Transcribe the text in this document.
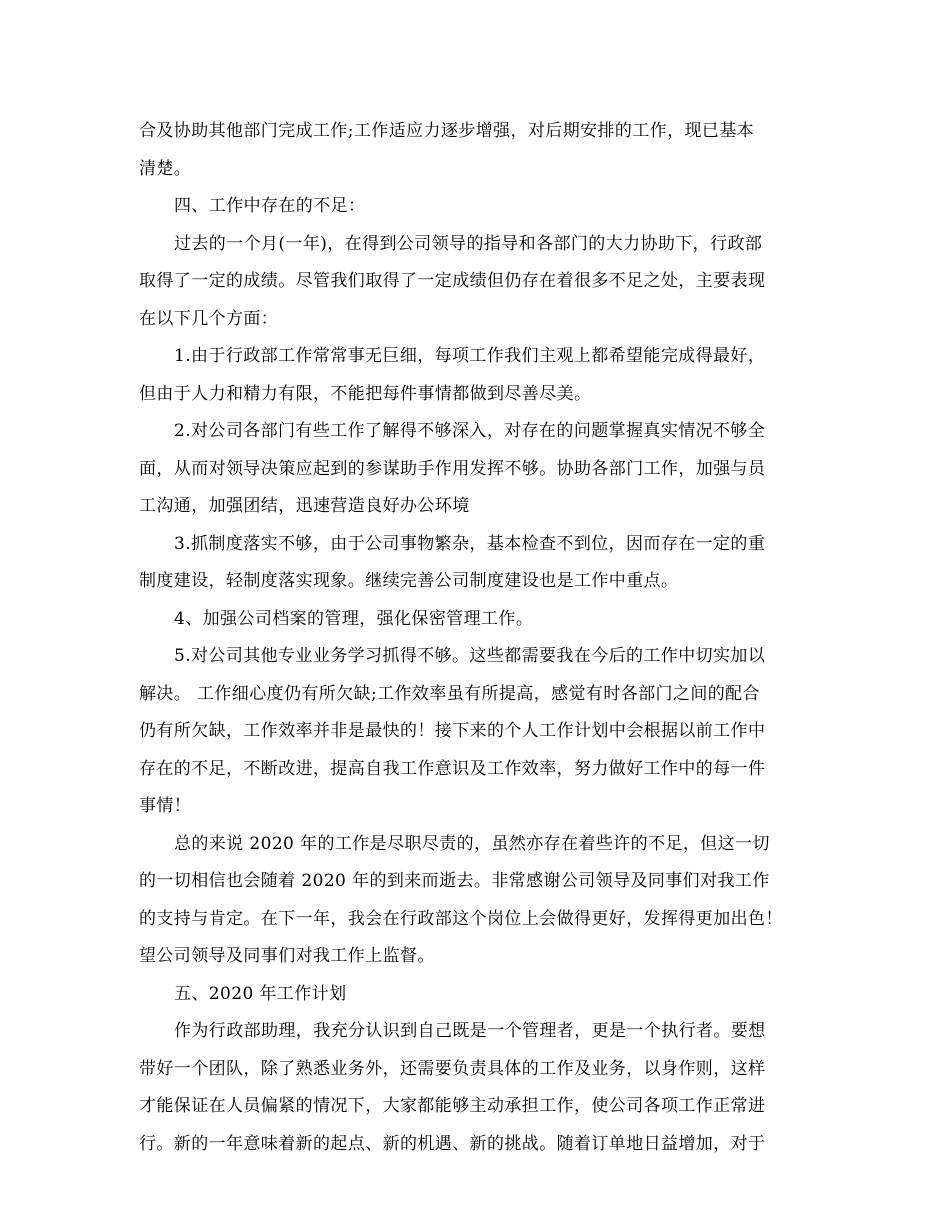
合及协助其他部门完成工作;工作适应力逐步增强，对后期安排的工作，现已基本
清楚。
四、工作中存在的不足：
过去的一个月(一年)，在得到公司领导的指导和各部门的大力协助下，行政部
取得了一定的成绩。尽管我们取得了一定成绩但仍存在着很多不足之处，主要表现
在以下几个方面：
1.由于行政部工作常常事无巨细，每项工作我们主观上都希望能完成得最好，
但由于人力和精力有限，不能把每件事情都做到尽善尽美。
2.对公司各部门有些工作了解得不够深入，对存在的问题掌握真实情况不够全
面，从而对领导决策应起到的参谋助手作用发挥不够。协助各部门工作，加强与员
工沟通，加强团结，迅速营造良好办公环境
3.抓制度落实不够，由于公司事物繁杂，基本检查不到位，因而存在一定的重
制度建设，轻制度落实现象。继续完善公司制度建设也是工作中重点。
4、加强公司档案的管理，强化保密管理工作。
5.对公司其他专业业务学习抓得不够。这些都需要我在今后的工作中切实加以
解决。 工作细心度仍有所欠缺;工作效率虽有所提高，感觉有时各部门之间的配合
仍有所欠缺，工作效率并非是最快的！接下来的个人工作计划中会根据以前工作中
存在的不足，不断改进，提高自我工作意识及工作效率，努力做好工作中的每一件
事情！
总的来说 2020 年的工作是尽职尽责的，虽然亦存在着些许的不足，但这一切
的一切相信也会随着 2020 年的到来而逝去。非常感谢公司领导及同事们对我工作
的支持与肯定。在下一年，我会在行政部这个岗位上会做得更好，发挥得更加出色！
望公司领导及同事们对我工作上监督。
五、2020 年工作计划
作为行政部助理，我充分认识到自己既是一个管理者，更是一个执行者。要想
带好一个团队，除了熟悉业务外，还需要负责具体的工作及业务，以身作则，这样
才能保证在人员偏紧的情况下，大家都能够主动承担工作，使公司各项工作正常进
行。新的一年意味着新的起点、新的机遇、新的挑战。随着订单地日益增加，对于
